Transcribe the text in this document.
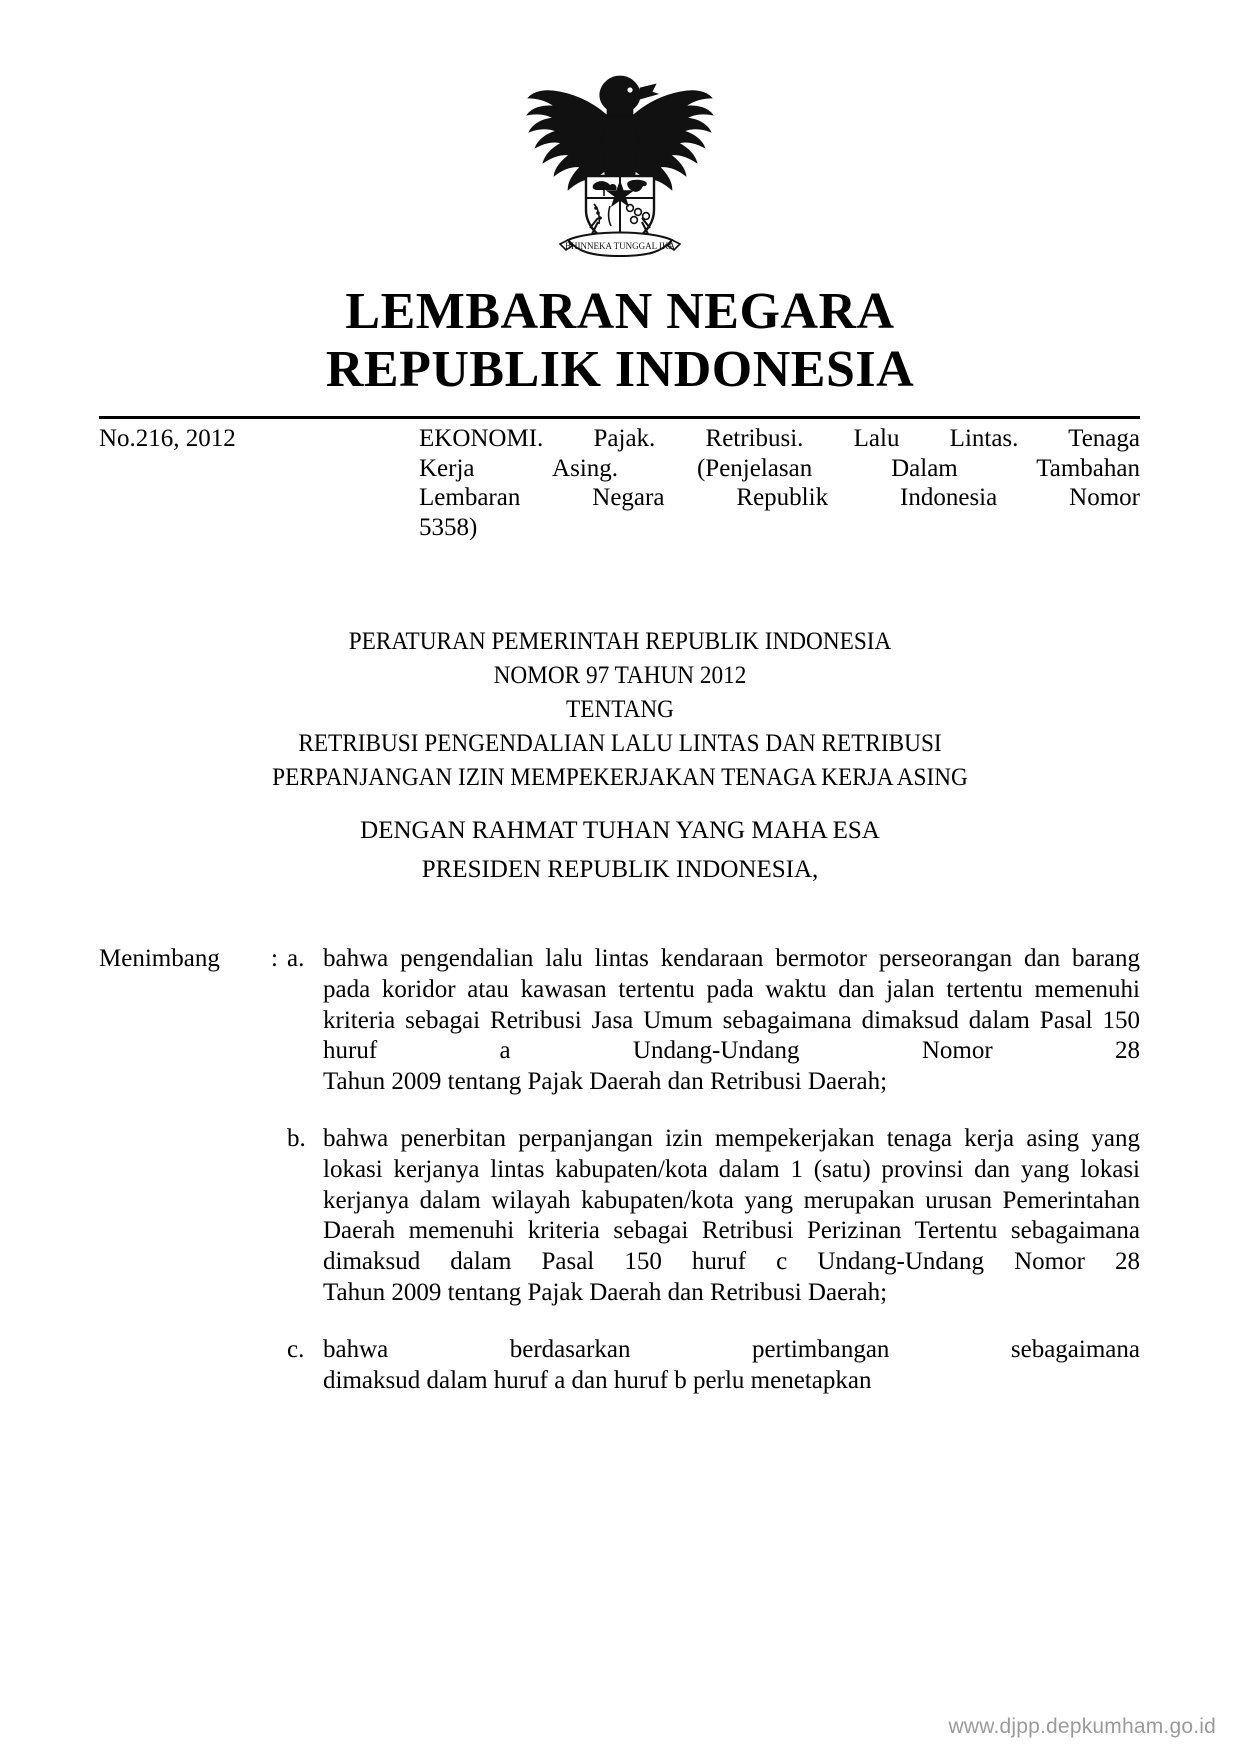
BHINNEKA TUNGGAL IKA
LEMBARAN NEGARA
REPUBLIK INDONESIA
No.216, 2012	EKONOMI. Pajak. Retribusi. Lalu Lintas. Tenaga
Kerja Asing. (Penjelasan Dalam Tambahan
Lembaran Negara Republik Indonesia Nomor
5358)
PERATURAN PEMERINTAH REPUBLIK INDONESIA
NOMOR 97 TAHUN 2012
TENTANG
RETRIBUSI PENGENDALIAN LALU LINTAS DAN RETRIBUSI
PERPANJANGAN IZIN MEMPEKERJAKAN TENAGA KERJA ASING
DENGAN RAHMAT TUHAN YANG MAHA ESA
PRESIDEN REPUBLIK INDONESIA,
Menimbang	: a. bahwa pengendalian lalu lintas kendaraan bermotor perseorangan dan barang pada koridor atau kawasan tertentu pada waktu dan jalan tertentu memenuhi kriteria sebagai Retribusi Jasa Umum sebagaimana dimaksud dalam Pasal 150 huruf a Undang-Undang Nomor 28

Tahun 2009 tentang Pajak Daerah dan Retribusi Daerah;

b. bahwa penerbitan perpanjangan izin mempekerjakan tenaga kerja asing yang lokasi kerjanya lintas kabupaten/kota dalam 1 (satu) provinsi dan yang lokasi kerjanya dalam wilayah kabupaten/kota yang merupakan urusan Pemerintahan Daerah memenuhi kriteria sebagai Retribusi Perizinan Tertentu sebagaimana dimaksud dalam Pasal 150 huruf c Undang-Undang Nomor 28

Tahun 2009 tentang Pajak Daerah dan Retribusi Daerah;

c. bahwa berdasarkan pertimbangan sebagaimana

dimaksud dalam huruf a dan huruf b perlu menetapkan

www.djpp.depkumham.go.id
